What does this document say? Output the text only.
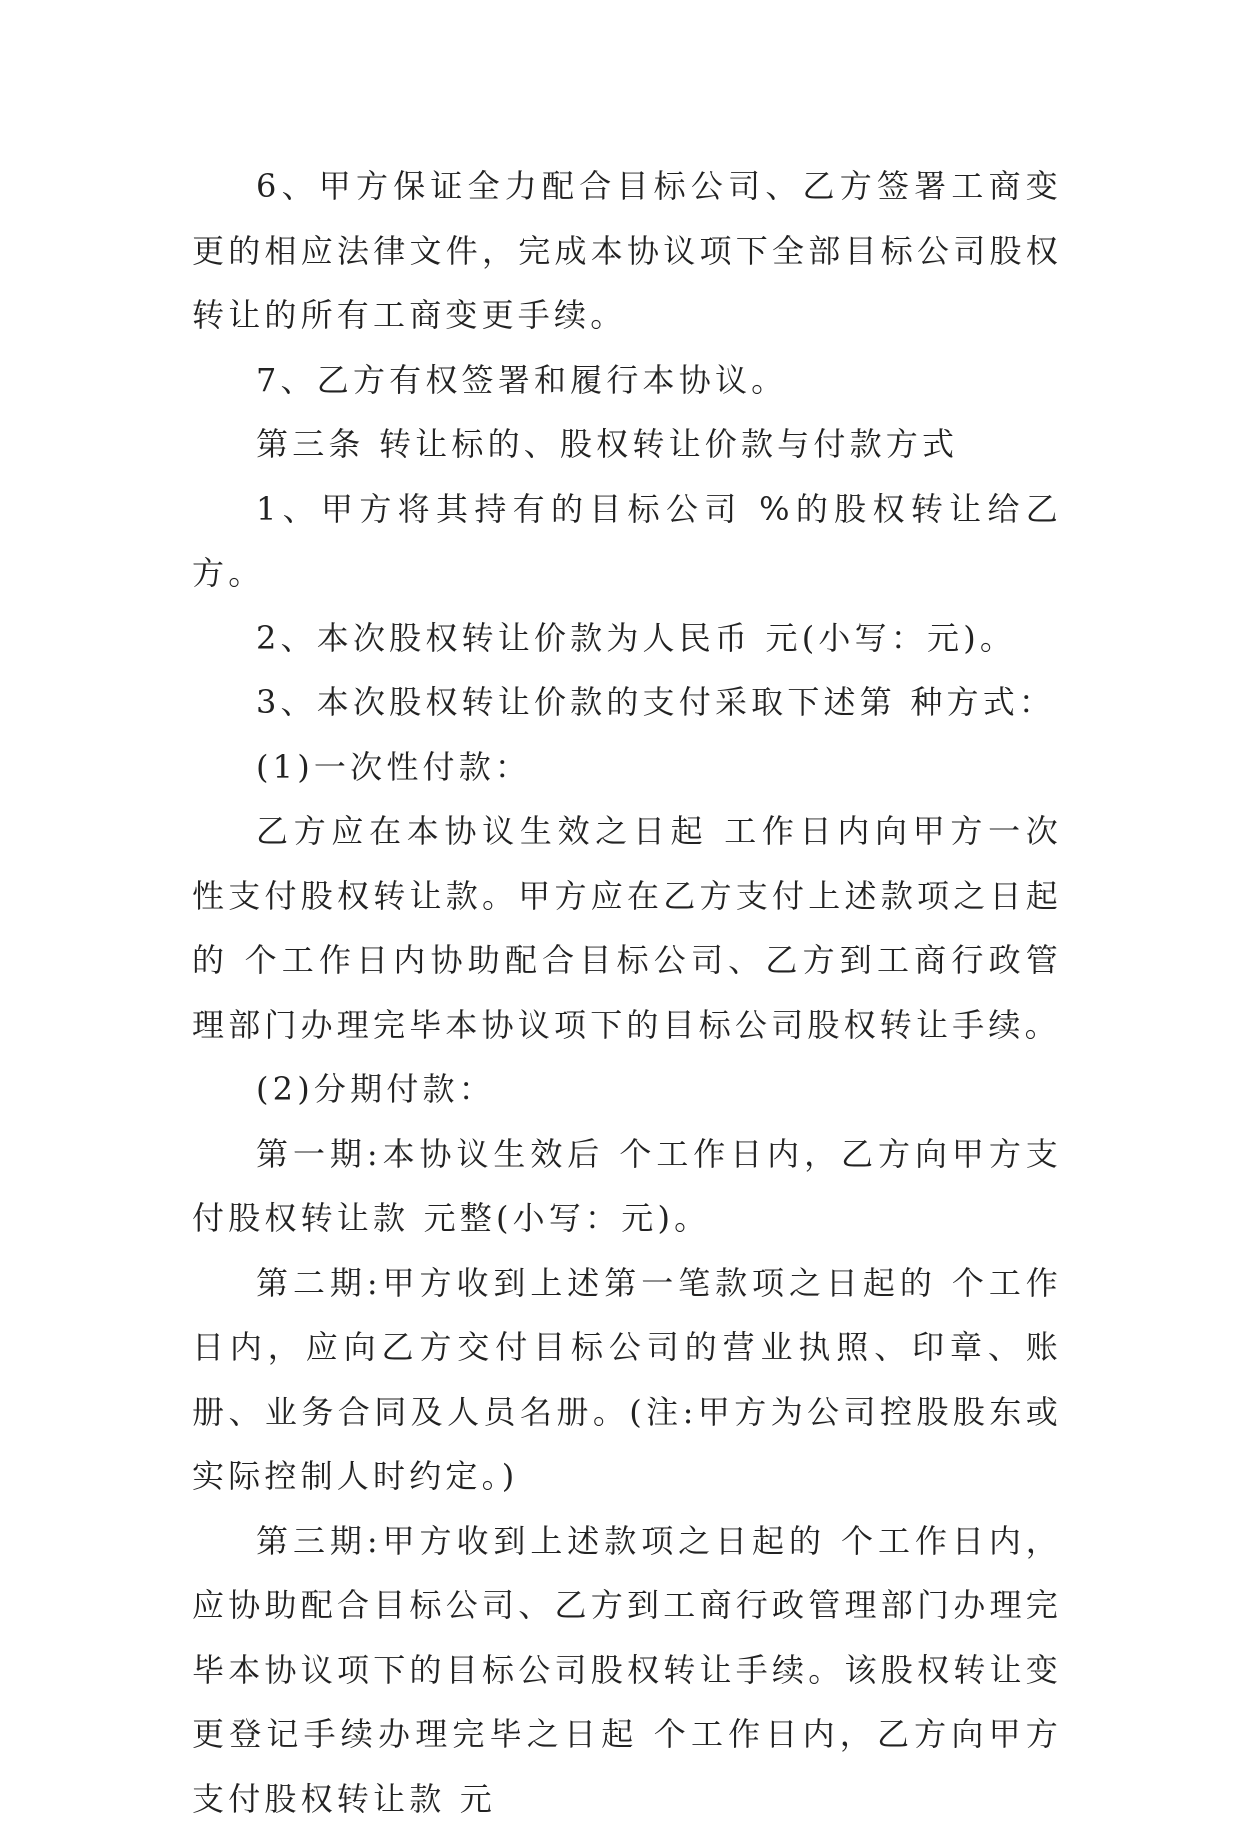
6、甲方保证全力配合目标公司、乙方签署工商变更的相应法律文件，完成本协议项下全部目标公司股权转让的所有工商变更手续。

7、乙方有权签署和履行本协议。

第三条 转让标的、股权转让价款与付款方式

1、甲方将其持有的目标公司 %的股权转让给乙方。

2、本次股权转让价款为人民币 元(小写：元)。

3、本次股权转让价款的支付采取下述第 种方式：

(1)一次性付款：

乙方应在本协议生效之日起 工作日内向甲方一次性支付股权转让款。甲方应在乙方支付上述款项之日起的 个工作日内协助配合目标公司、乙方到工商行政管理部门办理完毕本协议项下的目标公司股权转让手续。

(2)分期付款：

第一期:本协议生效后 个工作日内，乙方向甲方支付股权转让款 元整(小写：元)。

第二期:甲方收到上述第一笔款项之日起的 个工作日内，应向乙方交付目标公司的营业执照、印章、账册、业务合同及人员名册。(注:甲方为公司控股股东或实际控制人时约定。)

第三期:甲方收到上述款项之日起的 个工作日内，应协助配合目标公司、乙方到工商行政管理部门办理完毕本协议项下的目标公司股权转让手续。该股权转让变更登记手续办理完毕之日起 个工作日内，乙方向甲方支付股权转让款 元
